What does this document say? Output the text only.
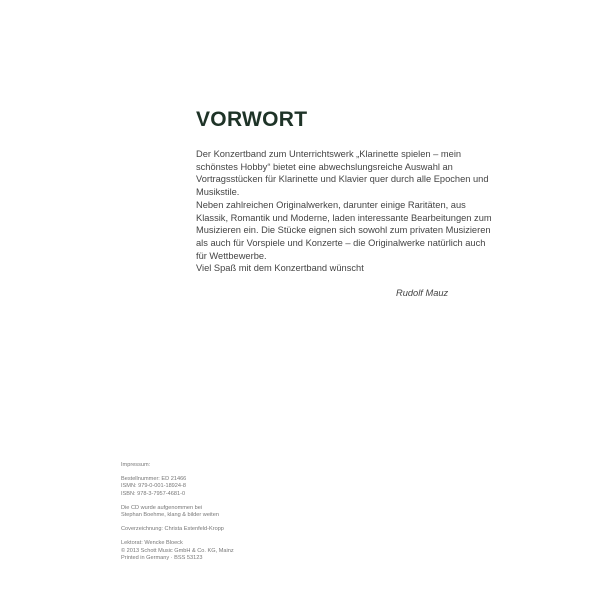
VORWORT

Der Konzertband zum Unterrichtswerk „Klarinette spielen – mein schönstes Hobby“ bietet eine abwechslungsreiche Auswahl an Vortragsstücken für Klarinette und Klavier quer durch alle Epochen und Musikstile.

Neben zahlreichen Originalwerken, darunter einige Raritäten, aus Klassik, Romantik und Moderne, laden interessante Bearbeitungen zum Musizieren ein. Die Stücke eignen sich sowohl zum privaten Musizieren als auch für Vorspiele und Konzerte – die Originalwerke natürlich auch für Wettbewerbe.

Viel Spaß mit dem Konzertband wünscht
Rudolf Mauz
Impressum:
Bestellnummer: ED 21466
ISMN: 979-0-001-18924-8
ISBN: 978-3-7957-4681-0
Die CD wurde aufgenommen bei
Stephan Boehme, klang & bilder weiten
Coverzeichnung: Christa Estenfeld-Kropp
Lektorat: Wencke Bloeck
© 2013 Schott Music GmbH & Co. KG, Mainz
Printed in Germany · BSS 53123
